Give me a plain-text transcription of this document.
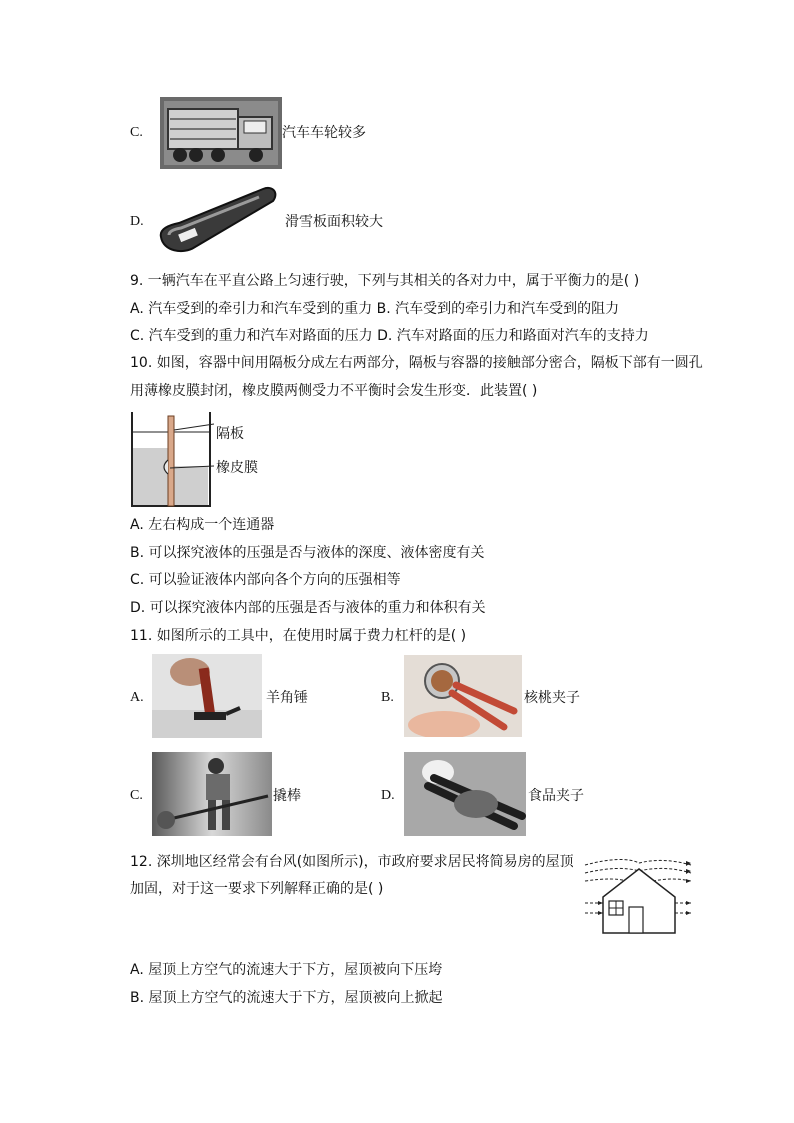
C.	汽车车轮较多
D.	滑雪板面积较大
9. 一辆汽车在平直公路上匀速行驶，下列与其相关的各对力中，属于平衡力的是( )
A. 汽车受到的牵引力和汽车受到的重力 B. 汽车受到的牵引力和汽车受到的阻力
C. 汽车受到的重力和汽车对路面的压力 D. 汽车对路面的压力和路面对汽车的支持力
10. 如图，容器中间用隔板分成左右两部分，隔板与容器的接触部分密合，隔板下部有一圆孔
用薄橡皮膜封闭，橡皮膜两侧受力不平衡时会发生形变．此装置( )
隔板
橡皮膜
A. 左右构成一个连通器
B. 可以探究液体的压强是否与液体的深度、液体密度有关
C. 可以验证液体内部向各个方向的压强相等
D. 可以探究液体内部的压强是否与液体的重力和体积有关
11. 如图所示的工具中，在使用时属于费力杠杆的是( )
A.	羊角锤	B.	核桃夹子
C.	撬棒	D.	食品夹子
12. 深圳地区经常会有台风(如图所示)，市政府要求居民将简易房的屋顶
加固，对于这一要求下列解释正确的是( )
A. 屋顶上方空气的流速大于下方，屋顶被向下压垮
B. 屋顶上方空气的流速大于下方，屋顶被向上掀起
